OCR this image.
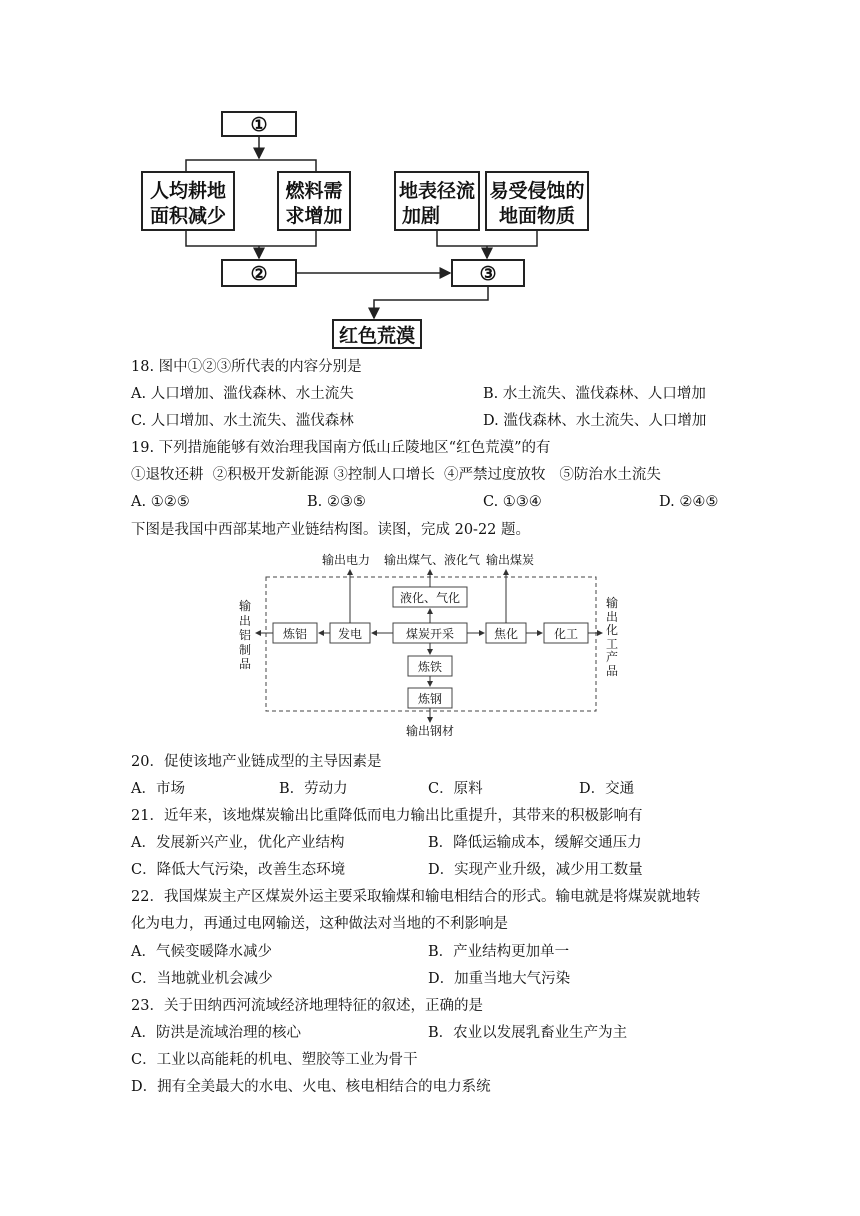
①
人均耕地
面积减少
燃料需
求增加
地表径流
加剧
易受侵蚀的
地面物质
②	③
红色荒漠
18. 图中①②③所代表的内容分别是
A. 人口增加、滥伐森林、水土流失	B. 水土流失、滥伐森林、人口增加
C. 人口增加、水土流失、滥伐森林	D. 滥伐森林、水土流失、人口增加
19. 下列措施能够有效治理我国南方低山丘陵地区“红色荒漠”的有
①退牧还耕  ②积极开发新能源 ③控制人口增长  ④严禁过度放牧   ⑤防治水土流失
A. ①②⑤	B. ②③⑤	C. ①③④	D. ②④⑤
下图是我国中西部某地产业链结构图。读图，完成 20-22 题。
输出电力 输出煤气、液化气 输出煤炭
液化、气化
炼铝	发电	煤炭开采	焦化	化工
炼铁
炼钢
输出钢材
输出铝制品
输出化工产品
20．促使该地产业链成型的主导因素是
A．市场	B．劳动力	C．原料	D．交通
21．近年来，该地煤炭输出比重降低而电力输出比重提升，其带来的积极影响有
A．发展新兴产业，优化产业结构	B．降低运输成本，缓解交通压力
C．降低大气污染，改善生态环境	D．实现产业升级，减少用工数量
22．我国煤炭主产区煤炭外运主要采取输煤和输电相结合的形式。输电就是将煤炭就地转
化为电力，再通过电网输送，这种做法对当地的不利影响是
A．气候变暖降水减少	B．产业结构更加单一
C．当地就业机会减少	D．加重当地大气污染
23．关于田纳西河流域经济地理特征的叙述，正确的是
A．防洪是流域治理的核心	B．农业以发展乳畜业生产为主
C．工业以高能耗的机电、塑胶等工业为骨干
D．拥有全美最大的水电、火电、核电相结合的电力系统
